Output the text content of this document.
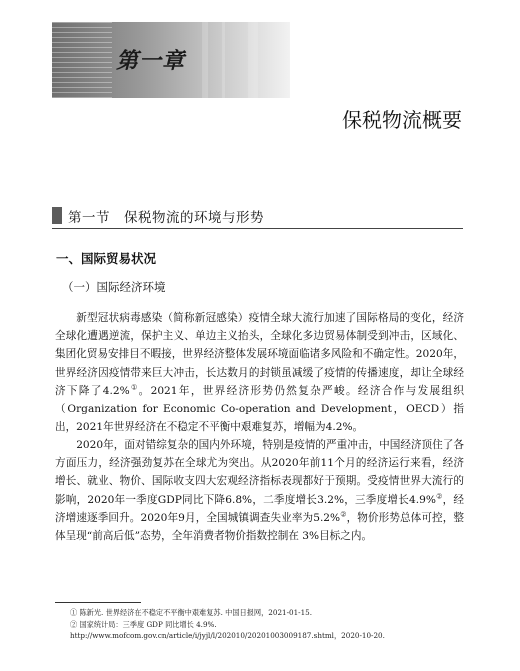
第一章
保税物流概要
第一节　保税物流的环境与形势
一、国际贸易状况
（一）国际经济环境
新型冠状病毒感染（简称新冠感染）疫情全球大流行加速了国际格局的变化，经济全球化遭遇逆流，保护主义、单边主义抬头，全球化多边贸易体制受到冲击，区域化、集团化贸易安排目不暇接，世界经济整体发展环境面临诸多风险和不确定性。2020年，世界经济因疫情带来巨大冲击，长达数月的封锁虽减缓了疫情的传播速度，却让全球经济下降了4.2%①。2021年，世界经济形势仍然复杂严峻。经济合作与发展组织（Organization for Economic Co-operation and Development，OECD）指出，2021年世界经济在不稳定不平衡中艰难复苏，增幅为4.2%。
2020年，面对错综复杂的国内外环境，特别是疫情的严重冲击，中国经济顶住了各方面压力，经济强劲复苏在全球尤为突出。从2020年前11个月的经济运行来看，经济增长、就业、物价、国际收支四大宏观经济指标表现都好于预期。受疫情世界大流行的影响，2020年一季度GDP同比下降6.8%，二季度增长3.2%，三季度增长4.9%②，经济增速逐季回升。2020年9月，全国城镇调查失业率为5.2%②，物价形势总体可控，整体呈现“前高后低”态势，全年消费者物价指数控制在 3%目标之内。
① 陈新光. 世界经济在不稳定不平衡中艰难复苏. 中国日报网，2021-01-15.
② 国家统计局：三季度 GDP 同比增长 4.9%. http://www.mofcom.gov.cn/article/i/jyjl/l/202010/20201003009187.shtml，2020-10-20.
